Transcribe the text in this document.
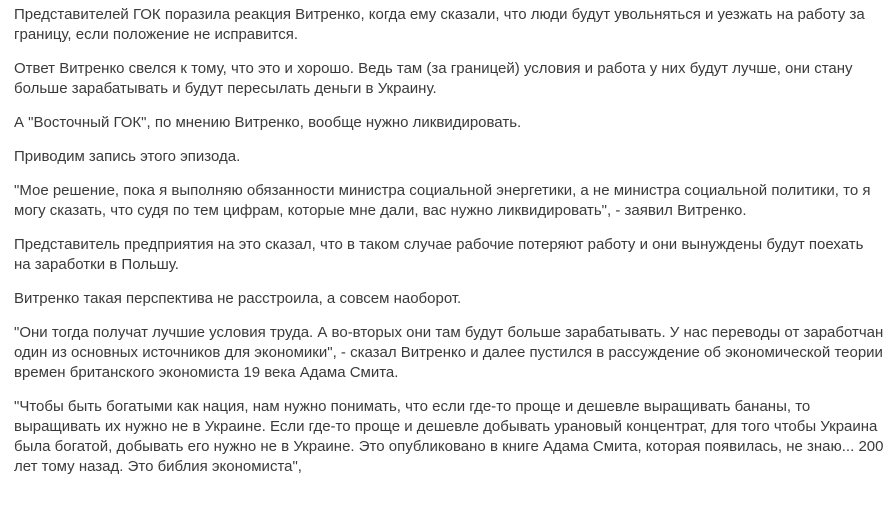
Представителей ГОК поразила реакция Витренко, когда ему сказали, что люди будут увольняться и уезжать на работу за границу, если положение не исправится.

Ответ Витренко свелся к тому, что это и хорошо. Ведь там (за границей) условия и работа у них будут лучше, они стану больше зарабатывать и будут пересылать деньги в Украину.

А "Восточный ГОК", по мнению Витренко, вообще нужно ликвидировать.

Приводим запись этого эпизода.

"Мое решение, пока я выполняю обязанности министра социальной энергетики, а не министра социальной политики, то я могу сказать, что судя по тем цифрам, которые мне дали, вас нужно ликвидировать", - заявил Витренко.

Представитель предприятия на это сказал, что в таком случае рабочие потеряют работу и они вынуждены будут поехать на заработки в Польшу.

Витренко такая перспектива не расстроила, а совсем наоборот.

"Они тогда получат лучшие условия труда. А во-вторых они там будут больше зарабатывать. У нас переводы от заработчан один из основных источников для экономики", - сказал Витренко и далее пустился в рассуждение об экономической теории времен британского экономиста 19 века Адама Смита.

"Чтобы быть богатыми как нация, нам нужно понимать, что если где-то проще и дешевле выращивать бананы, то выращивать их нужно не в Украине. Если где-то проще и дешевле добывать урановый концентрат, для того чтобы Украина была богатой, добывать его нужно не в Украине. Это опубликовано в книге Адама Смита, которая появилась, не знаю... 200 лет тому назад. Это библия экономиста",
